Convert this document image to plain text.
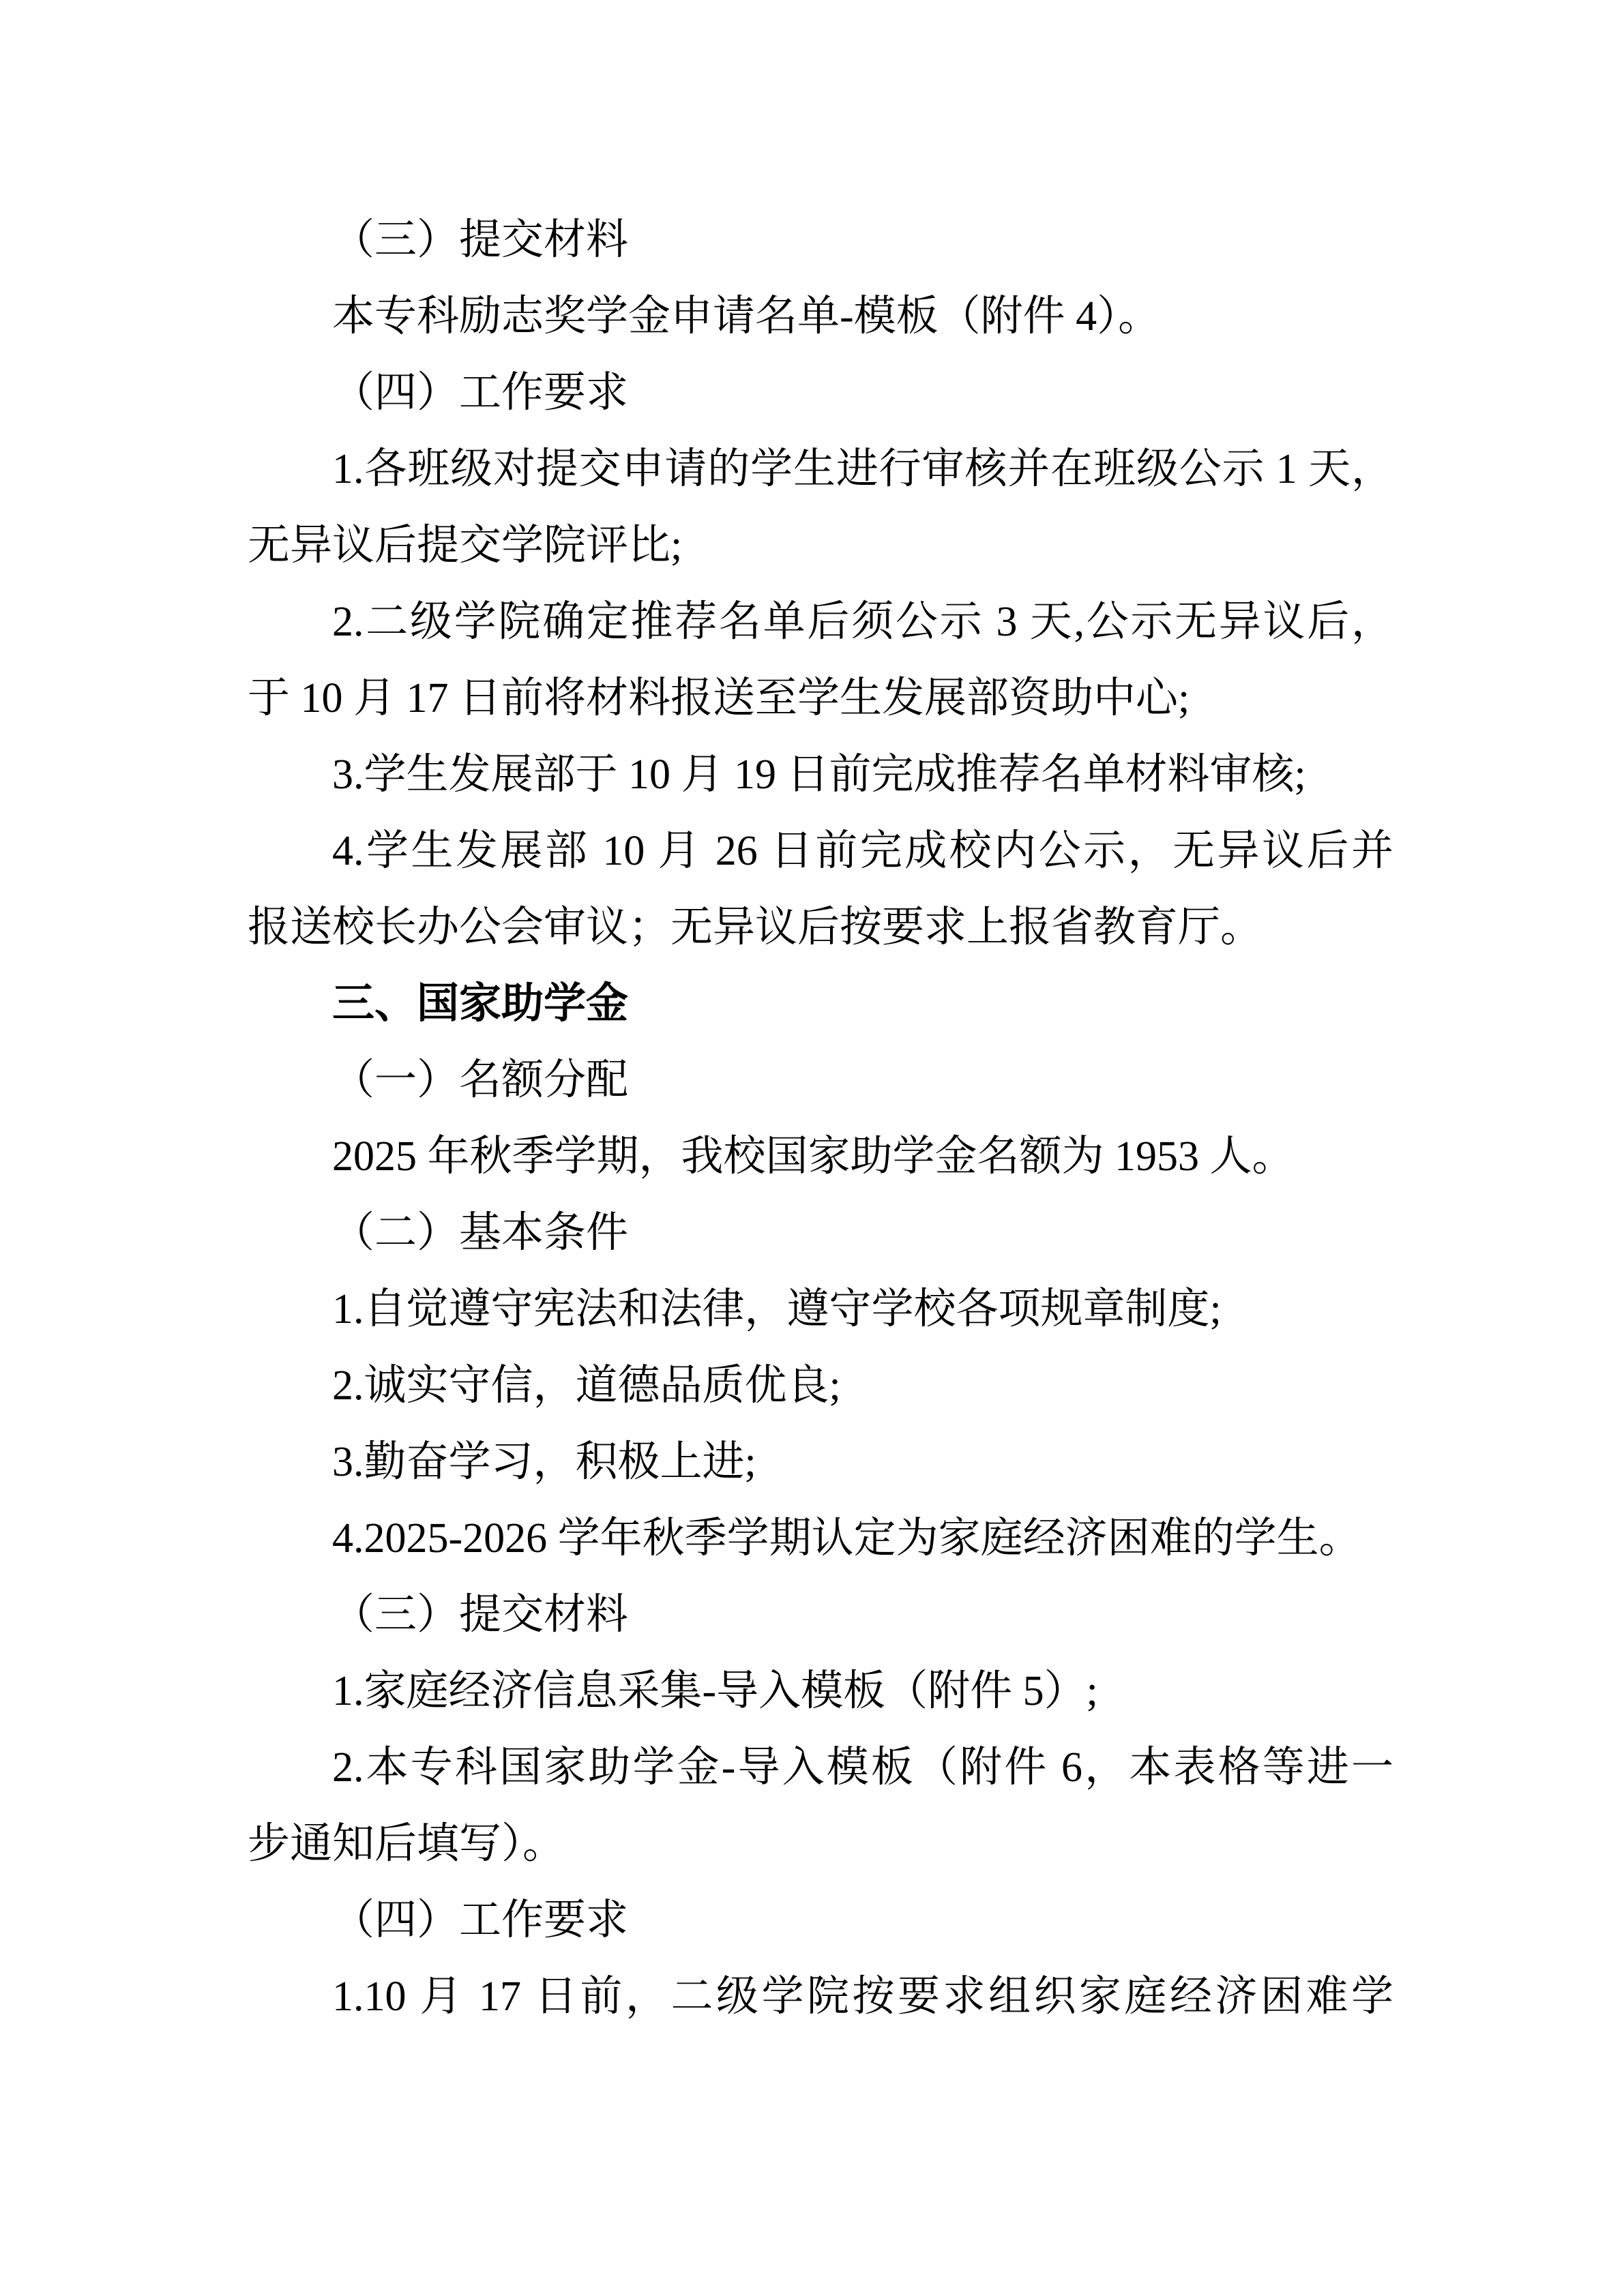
（三）提交材料

本专科励志奖学金申请名单-模板（附件 4）。

（四）工作要求

1.各班级对提交申请的学生进行审核并在班级公示 1 天，
无异议后提交学院评比;

2.二级学院确定推荐名单后须公示 3 天,公示无异议后，
于 10 月 17 日前将材料报送至学生发展部资助中心;

3.学生发展部于 10 月 19 日前完成推荐名单材料审核;

4.学生发展部 10 月 26 日前完成校内公示，无异议后并
报送校长办公会审议；无异议后按要求上报省教育厅。

三、国家助学金

（一）名额分配

2025 年秋季学期，我校国家助学金名额为 1953 人。

（二）基本条件

1.自觉遵守宪法和法律，遵守学校各项规章制度;

2.诚实守信，道德品质优良;

3.勤奋学习，积极上进;

4.2025-2026 学年秋季学期认定为家庭经济困难的学生。

（三）提交材料

1.家庭经济信息采集-导入模板（附件 5）;

2.本专科国家助学金-导入模板（附件 6，本表格等进一
步通知后填写）。

（四）工作要求

1.10 月 17 日前，二级学院按要求组织家庭经济困难学
